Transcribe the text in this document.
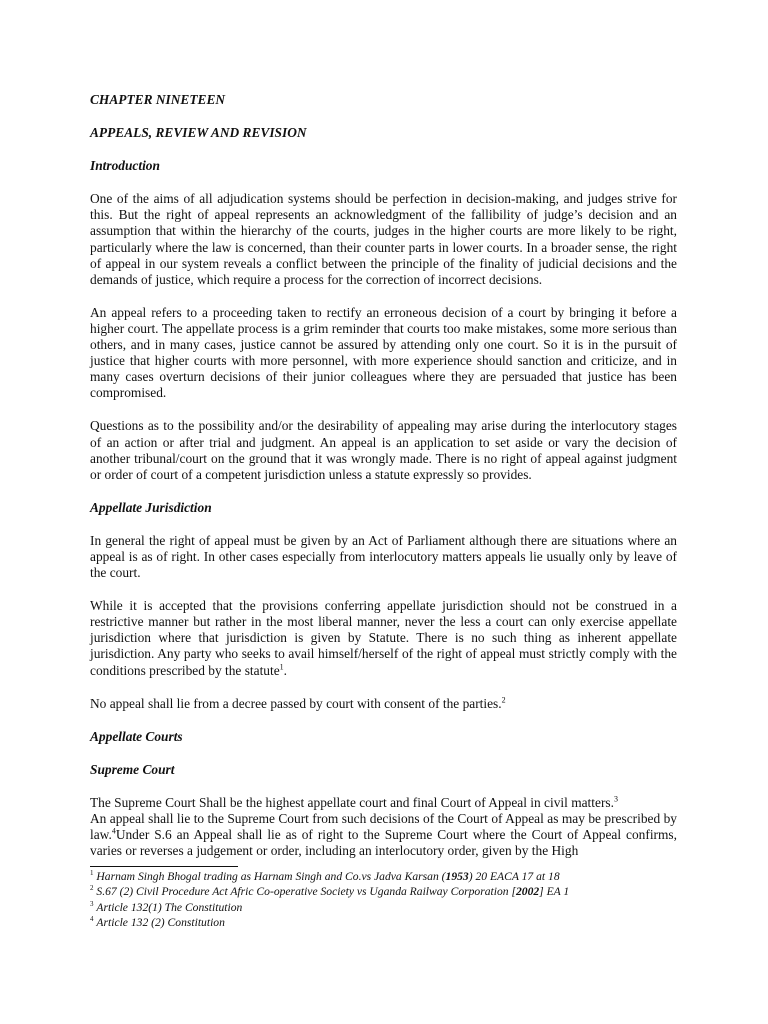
CHAPTER NINETEEN

APPEALS, REVIEW AND REVISION

Introduction

One of the aims of all adjudication systems should be perfection in decision-making, and judges strive for this. But the right of appeal represents an acknowledgment of the fallibility of judge’s decision and an assumption that within the hierarchy of the courts, judges in the higher courts are more likely to be right, particularly where the law is concerned, than their counter parts in lower courts. In a broader sense, the right of appeal in our system reveals a conflict between the principle of the finality of judicial decisions and the demands of justice, which require a process for the correction of incorrect decisions.

An appeal refers to a proceeding taken to rectify an erroneous decision of a court by bringing it before a higher court. The appellate process is a grim reminder that courts too make mistakes, some more serious than others, and in many cases, justice cannot be assured by attending only one court. So it is in the pursuit of justice that higher courts with more personnel, with more experience should sanction and criticize, and in many cases overturn decisions of their junior colleagues where they are persuaded that justice has been compromised.

Questions as to the possibility and/or the desirability of appealing may arise during the interlocutory stages of an action or after trial and judgment. An appeal is an application to set aside or vary the decision of another tribunal/court on the ground that it was wrongly made. There is no right of appeal against judgment or order of court of a competent jurisdiction unless a statute expressly so provides.

Appellate Jurisdiction

In general the right of appeal must be given by an Act of Parliament although there are situations where an appeal is as of right. In other cases especially from interlocutory matters appeals lie usually only by leave of the court.

While it is accepted that the provisions conferring appellate jurisdiction should not be construed in a restrictive manner but rather in the most liberal manner, never the less a court can only exercise appellate jurisdiction where that jurisdiction is given by Statute. There is no such thing as inherent appellate jurisdiction. Any party who seeks to avail himself/herself of the right of appeal must strictly comply with the conditions prescribed by the statute$^1$.

No appeal shall lie from a decree passed by court with consent of the parties.$^2$

Appellate Courts

Supreme Court

The Supreme Court Shall be the highest appellate court and final Court of Appeal in civil matters.$^3$

An appeal shall lie to the Supreme Court from such decisions of the Court of Appeal as may be prescribed by law.$^4$Under S.6 an Appeal shall lie as of right to the Supreme Court where the Court of Appeal confirms, varies or reverses a judgement or order, including an interlocutory order, given by the High

$^1$ Harnam Singh Bhogal trading as Harnam Singh and Co.vs Jadva Karsan (1953) 20 EACA 17 at 18

$^2$ S.67 (2) Civil Procedure Act Afric Co-operative Society vs Uganda Railway Corporation [2002] EA 1

$^3$ Article 132(1) The Constitution

$^4$ Article 132 (2) Constitution
